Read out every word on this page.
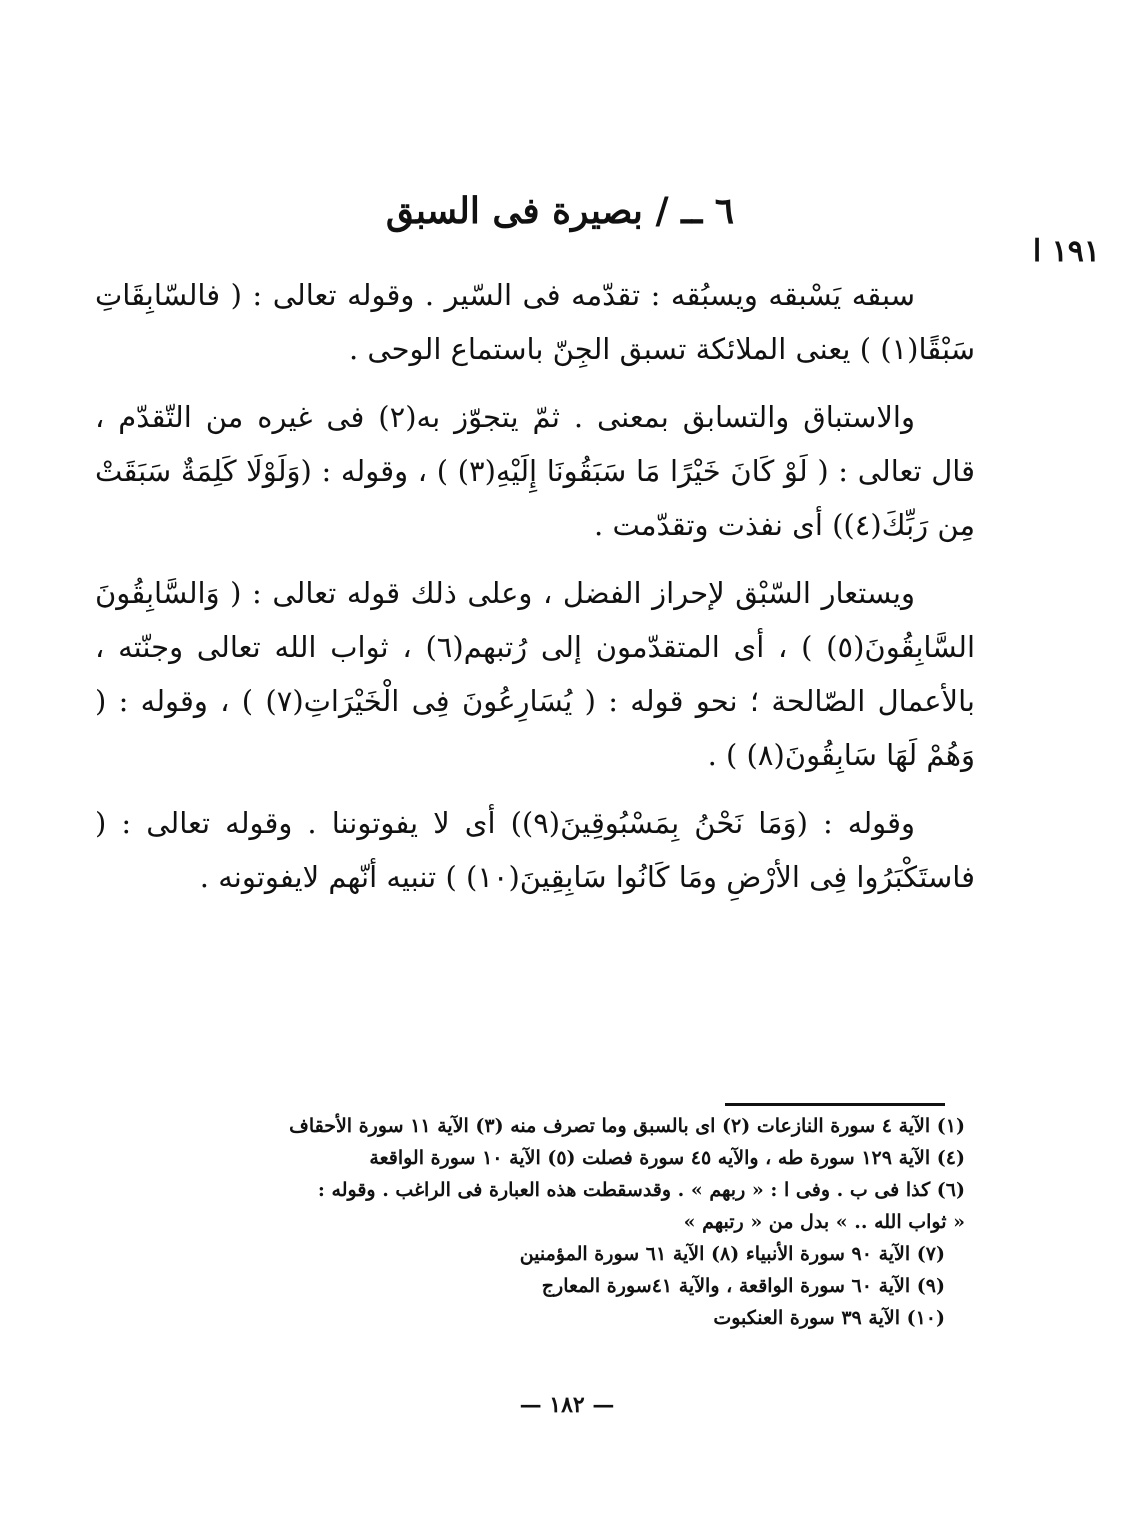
١٩١ ا
٦ ــ / بصيرة فى السبق

سبقه يَسْبقه ويسبُقه : تقدّمه فى السّير . وقوله تعالى : ( فالسّابِقَاتِ سَبْقًا(١) ) يعنى الملائكة تسبق الجِنّ باستماع الوحى .

والاستباق والتسابق بمعنى . ثمّ يتجوّز به(٢) فى غيره من التّقدّم ، قال تعالى : ( لَوْ كَانَ خَيْرًا مَا سَبَقُونَا إِلَيْهِ(٣) ) ، وقوله : (وَلَوْلَا كَلِمَةٌ سَبَقَتْ مِن رَبِّكَ(٤)) أى نفذت وتقدّمت .

ويستعار السّبْق لإحراز الفضل ، وعلى ذلك قوله تعالى : ( وَالسَّابِقُونَ السَّابِقُونَ(٥) ) ، أى المتقدّمون إلى رُتبهم(٦) ، ثواب الله تعالى وجنّته ، بالأعمال الصّالحة ؛ نحو قوله : ( يُسَارِعُونَ فِى الْخَيْرَاتِ(٧) ) ، وقوله : ( وَهُمْ لَهَا سَابِقُونَ(٨) ) .

وقوله : (وَمَا نَحْنُ بِمَسْبُوقِينَ(٩)) أى لا يفوتوننا . وقوله تعالى : ( فاستَكْبَرُوا فِى الأرْضِ ومَا كَانُوا سَابِقِينَ(١٠) ) تنبيه أنّهم لايفوتونه .

(١) الآية ٤ سورة النازعات (٢) اى بالسبق وما تصرف منه (٣) الآية ١١ سورة الأحقاف
(٤) الآية ١٢٩ سورة طه ، والآيه ٤٥ سورة فصلت (٥) الآية ١٠ سورة الواقعة
(٦) كذا فى ب . وفى ا : « ربهم » . وقدسقطت هذه العبارة فى الراغب . وقوله :
« ثواب الله .. » بدل من « رتبهم »
(٧) الآية ٩٠ سورة الأنبياء (٨) الآية ٦١ سورة المؤمنين
(٩) الآية ٦٠ سورة الواقعة ، والآية ٤١سورة المعارج
(١٠) الآية ٣٩ سورة العنكبوت
— ١٨٢ —
